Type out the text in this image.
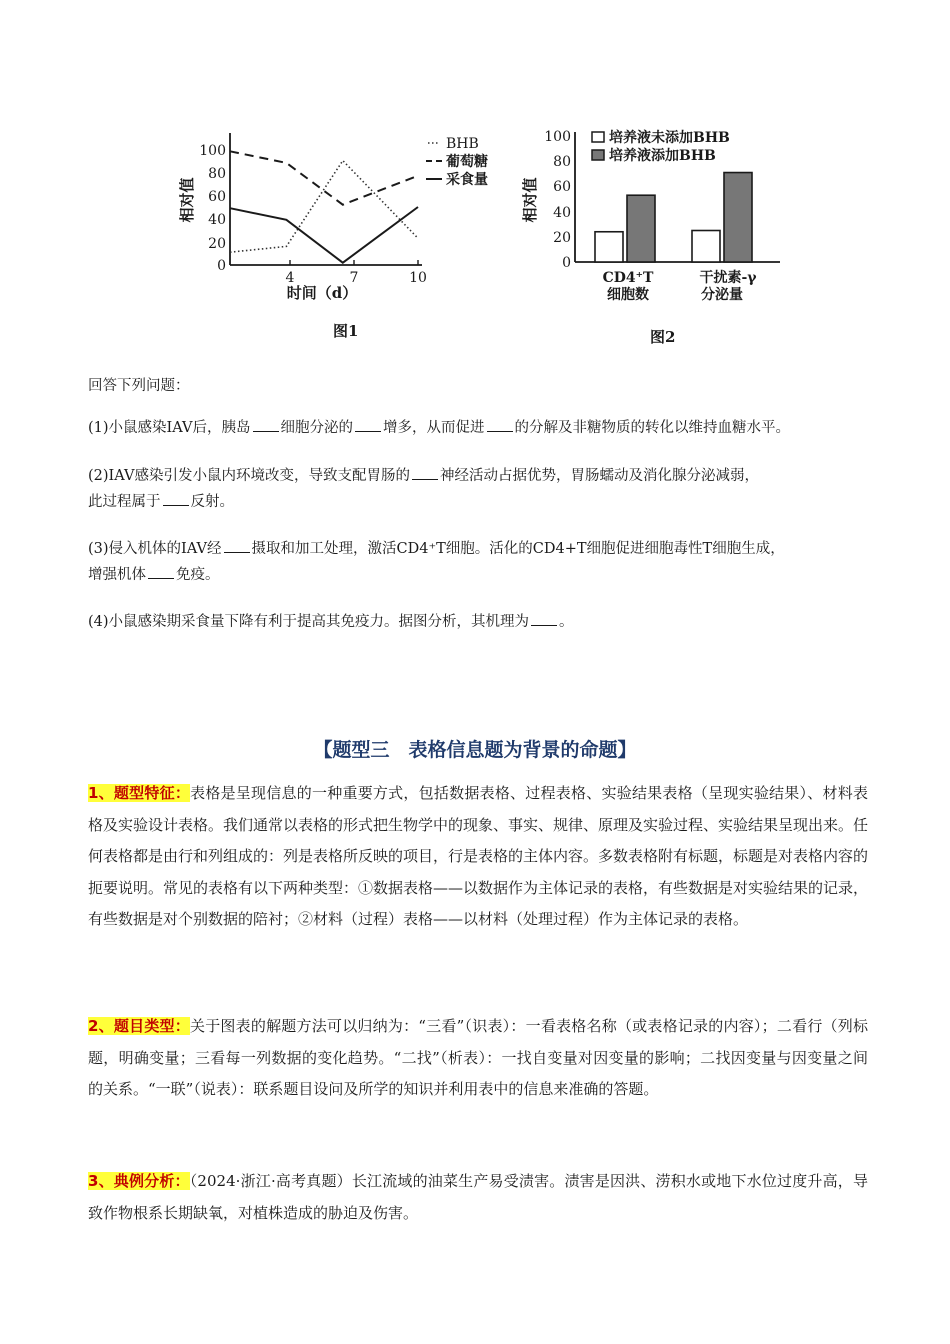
相对值
时间（d）
0
20
40
60
80
100
4	7	10
BHB
葡萄糖
采食量
图1
相对值
0
20
40
60
80
100	培养液未添加BHB
培养液添加BHB
CD4⁺T
细胞数
干扰素-γ
分泌量
图2
回答下列问题：
(1)小鼠感染IAV后，胰岛 细胞分泌的 增多，从而促进 的分解及非糖物质的转化以维持血糖水平。
(2)IAV感染引发小鼠内环境改变，导致支配胃肠的 神经活动占据优势，胃肠蠕动及消化腺分泌减弱，
此过程属于 反射。
(3)侵入机体的IAV经 摄取和加工处理，激活CD4⁺T细胞。活化的CD4+T细胞促进细胞毒性T细胞生成，
增强机体 免疫。
(4)小鼠感染期采食量下降有利于提高其免疫力。据图分析，其机理为 。
【题型三　表格信息题为背景的命题】
1、题型特征：表格是呈现信息的一种重要方式，包括数据表格、过程表格、实验结果表格（呈现实验结果）、材料表格及实验设计表格。我们通常以表格的形式把生物学中的现象、事实、规律、原理及实验过程、实验结果呈现出来。任何表格都是由行和列组成的：列是表格所反映的项目，行是表格的主体内容。多数表格附有标题，标题是对表格内容的扼要说明。常见的表格有以下两种类型：①数据表格——以数据作为主体记录的表格，有些数据是对实验结果的记录，有些数据是对个别数据的陪衬；②材料（过程）表格——以材料（处理过程）作为主体记录的表格。
2、题目类型：关于图表的解题方法可以归纳为：“三看”（识表）：一看表格名称（或表格记录的内容）；二看行（列标题，明确变量；三看每一列数据的变化趋势。“二找”（析表）：一找自变量对因变量的影响；二找因变量与因变量之间的关系。“一联”（说表）：联系题目设问及所学的知识并利用表中的信息来准确的答题。
3、典例分析：（2024·浙江·高考真题）长江流域的油菜生产易受渍害。渍害是因洪、涝积水或地下水位过度升高，导致作物根系长期缺氧，对植株造成的胁迫及伤害。
